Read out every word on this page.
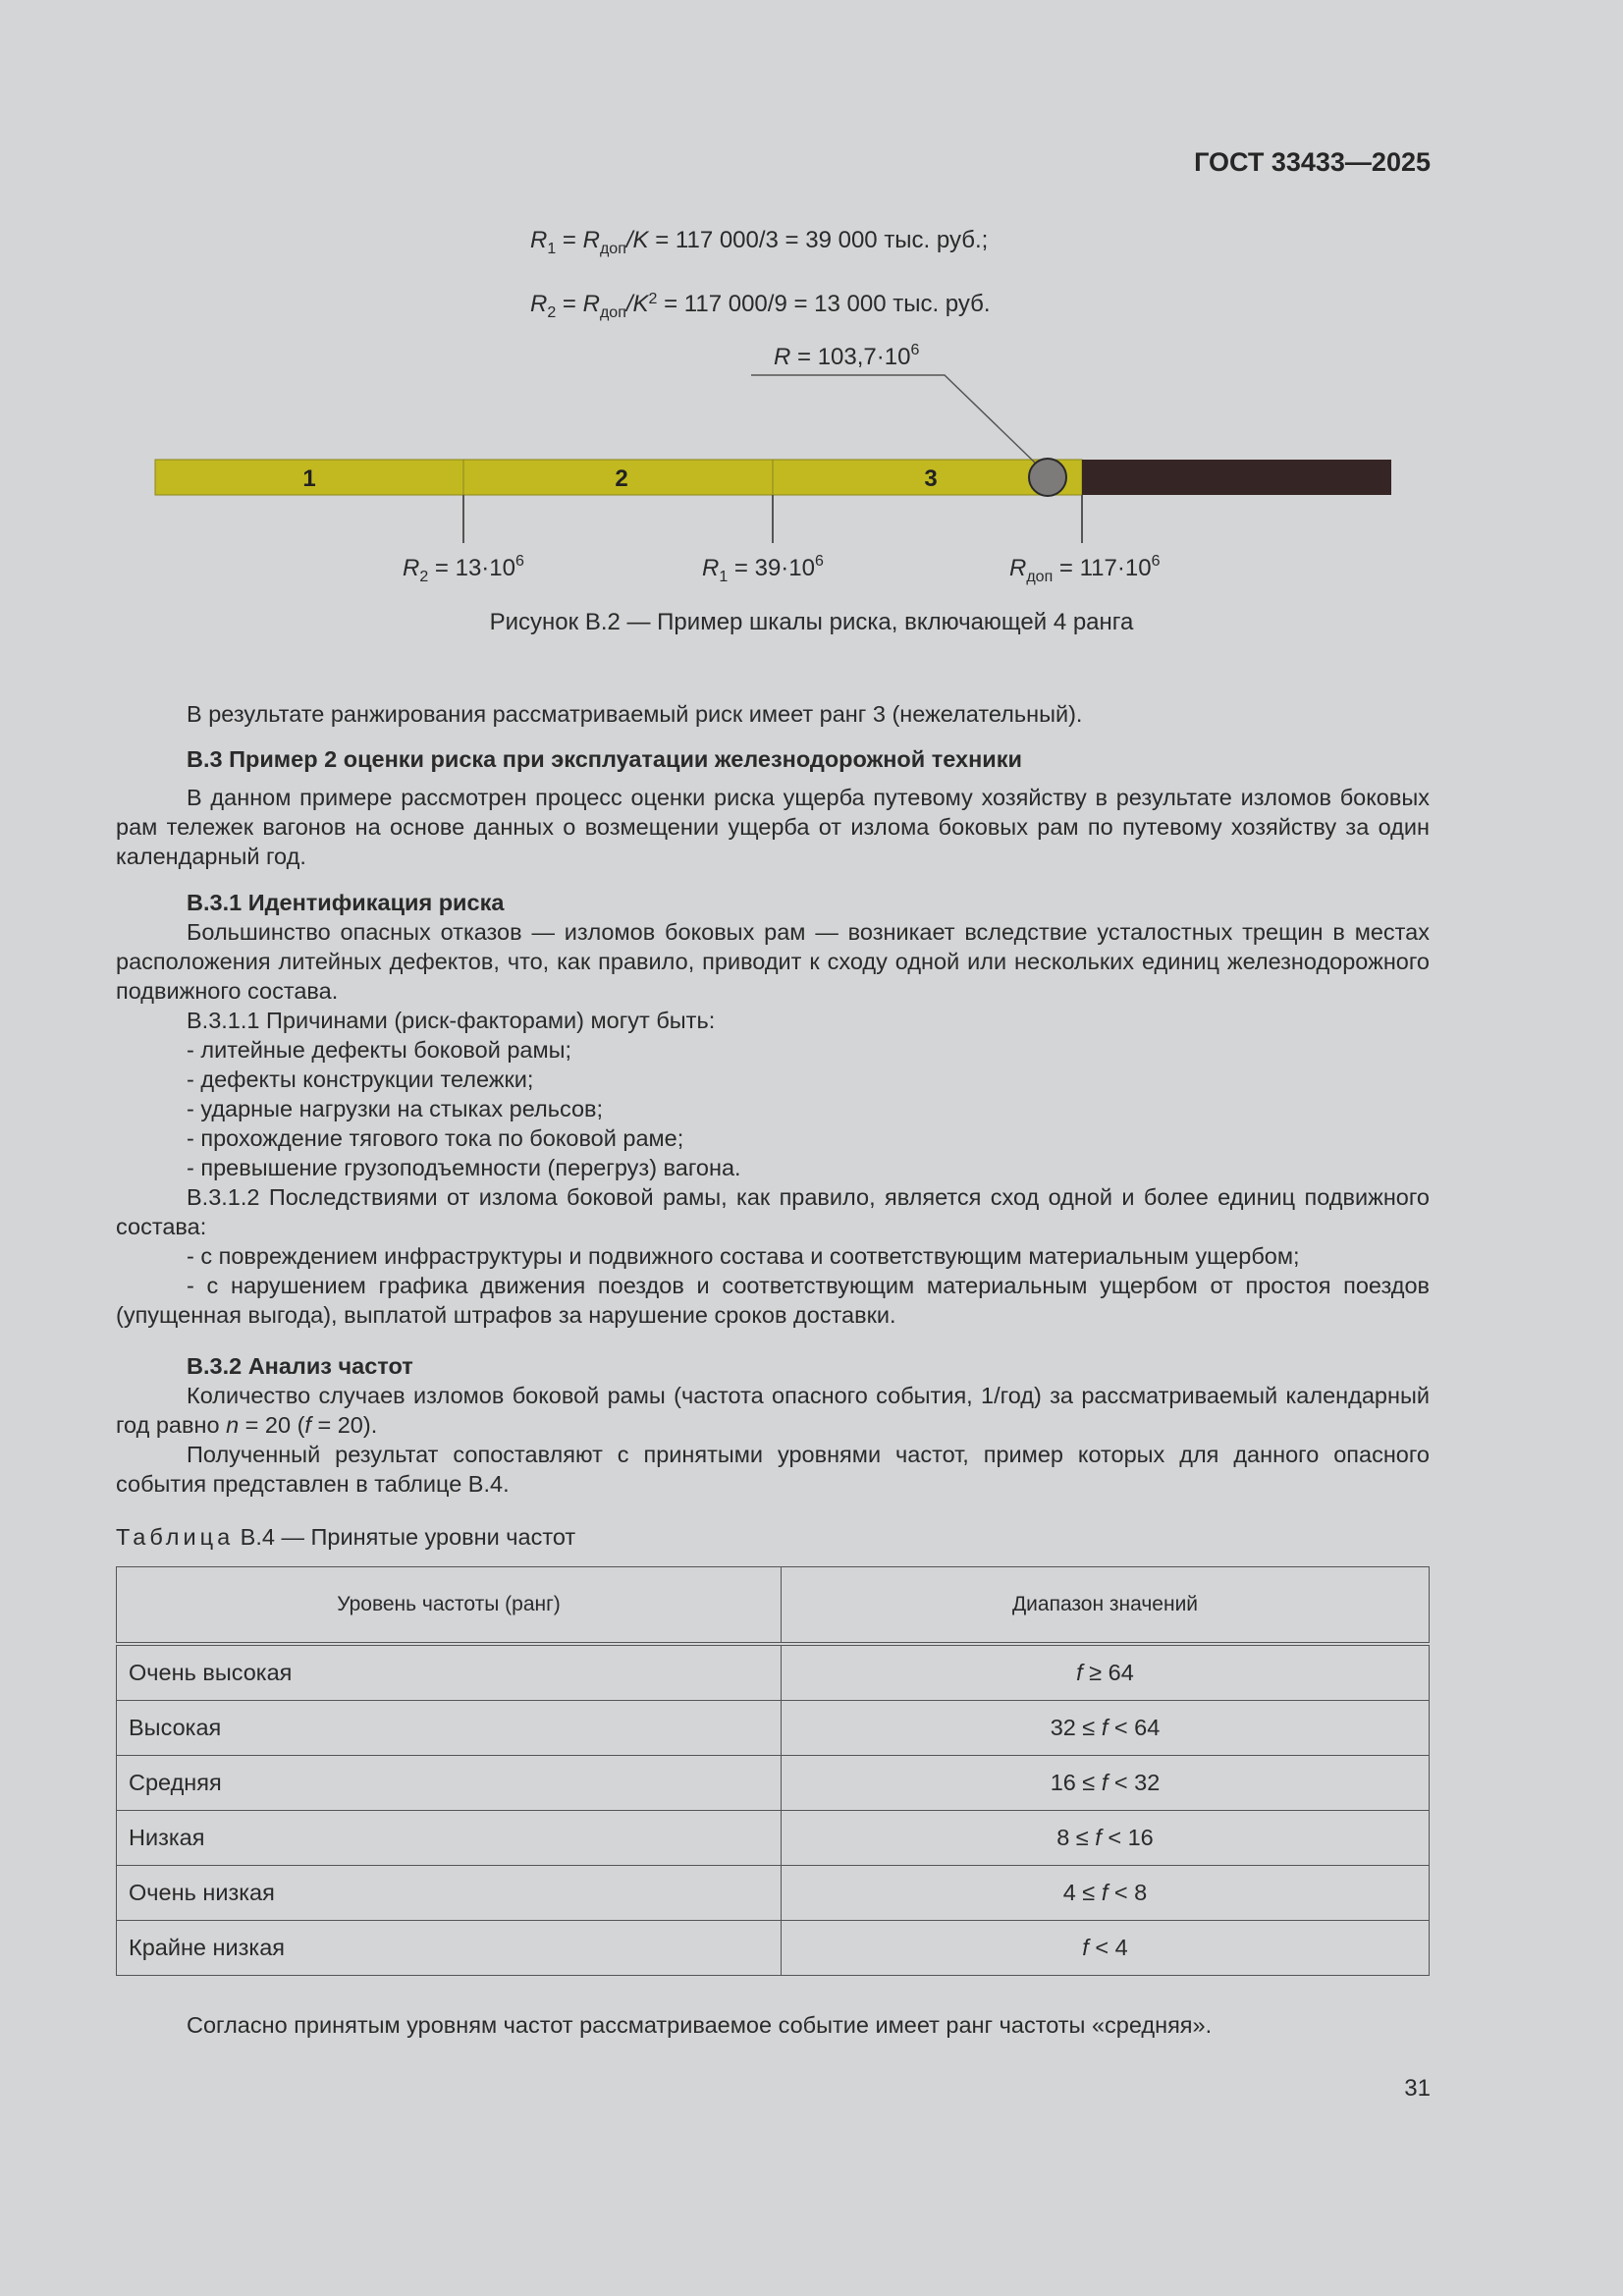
ГОСТ 33433—2025
$R_1 = R_{доп}/K = 117$ 000/3 = 39 000 тыс. руб.;
$R_2 = R_{доп}/K^2 = 117$ 000/9 = 13 000 тыс. руб.
1	2	3
$R = 103,7\cdot 10^6$
$R_2 = 13\cdot 10^6$	$R_1 = 39\cdot 10^6$	$R_{доп} = 117\cdot 10^6$
Рисунок В.2 — Пример шкалы риска, включающей 4 ранга
В результате ранжирования рассматриваемый риск имеет ранг 3 (нежелательный).
В.3 Пример 2 оценки риска при эксплуатации железнодорожной техники
В данном примере рассмотрен процесс оценки риска ущерба путевому хозяйству в результате изломов боковых рам тележек вагонов на основе данных о возмещении ущерба от излома боковых рам по путевому хозяйству за один календарный год.
В.3.1 Идентификация риска
Большинство опасных отказов — изломов боковых рам — возникает вследствие усталостных трещин в местах расположения литейных дефектов, что, как правило, приводит к сходу одной или нескольких единиц железнодорожного подвижного состава.
В.3.1.1 Причинами (риск-факторами) могут быть:
- литейные дефекты боковой рамы;
- дефекты конструкции тележки;
- ударные нагрузки на стыках рельсов;
- прохождение тягового тока по боковой раме;
- превышение грузоподъемности (перегруз) вагона.
В.3.1.2 Последствиями от излома боковой рамы, как правило, является сход одной и более единиц подвижного состава:
- с повреждением инфраструктуры и подвижного состава и соответствующим материальным ущербом;
- с нарушением графика движения поездов и соответствующим материальным ущербом от простоя поездов (упущенная выгода), выплатой штрафов за нарушение сроков доставки.
В.3.2 Анализ частот
Количество случаев изломов боковой рамы (частота опасного события, 1/год) за рассматриваемый календарный год равно n = 20 (f = 20).
Полученный результат сопоставляют с принятыми уровнями частот, пример которых для данного опасного события представлен в таблице В.4.
Таблица В.4 — Принятые уровни частот
Уровень частоты (ранг)	Диапазон значений
Очень высокая	f ≥ 64
Высокая	32 ≤ f < 64
Средняя	16 ≤ f < 32
Низкая	8 ≤ f < 16
Очень низкая	4 ≤ f < 8
Крайне низкая	f < 4
Согласно принятым уровням частот рассматриваемое событие имеет ранг частоты «средняя».
31
